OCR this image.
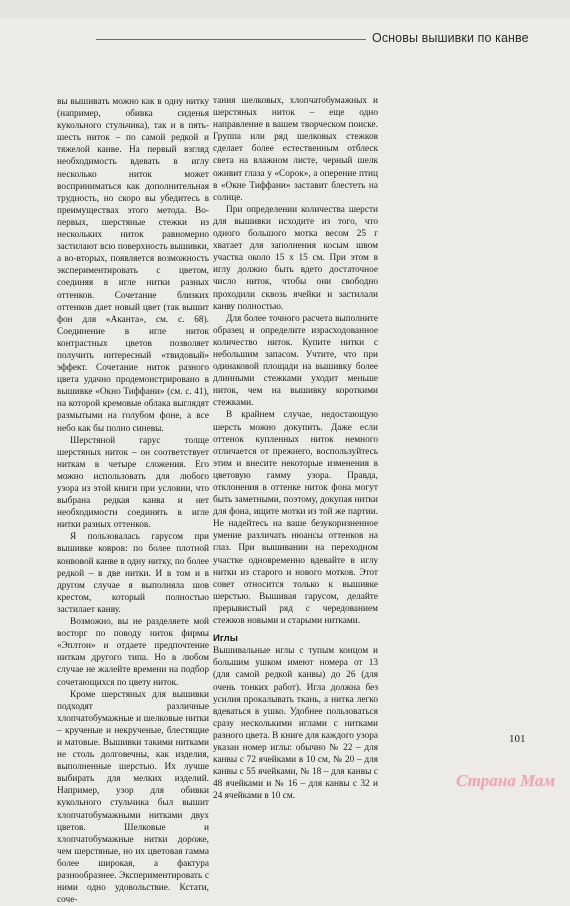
Основы вышивки по канве

вы вышивать можно как в одну нитку (например, обивка сиденья кукольного стульчика), так и в пять-шесть ниток – по самой редкой и тяжелой канве. На первый взгляд необходимость вдевать в иглу несколько ниток может восприниматься как дополнительная трудность, но скоро вы убедитесь в преимуществах этого метода. Во-первых, шерстяные стежки из нескольких ниток равномерно застилают всю поверхность вышивки, а во-вторых, появляется возможность экспериментировать с цветом, соединяя в игле нитки разных оттенков. Сочетание близких оттенков дает новый цвет (так вышит фон для «Аканта», см. с. 68). Соединение в игле ниток контрастных цветов позволяет получить интересный «твидовый» эффект. Сочетание ниток разного цвета удачно продемонстрировано в вышивке «Окно Тиффани» (см. с. 41), на которой кремовые облака выглядят размытыми на голубом фоне, а все небо как бы полно синевы.

Шерстяной гарус толще шерстяных ниток – он соответствует ниткам в четыре сложения. Его можно использовать для любого узора из этой книги при условии, что выбрана редкая канва и нет необходимости соединять в игле нитки разных оттенков.

Я пользовалась гарусом при вышивке ковров: по более плотной конвовой канве в одну нитку, по более редкой – в две нитки. И в том и в другом случае я выполняла шов крестом, который полностью застилает канву.

Возможно, вы не разделяете мой восторг по поводу ниток фирмы «Эплтон» и отдаете предпочтение ниткам другого типа. Но в любом случае не жалейте времени на подбор сочетающихся по цвету ниток.

Кроме шерстяных для вышивки подходят различные хлопчатобумажные и шелковые нитки – крученые и некрученые, блестящие и матовые. Вышивки такими нитками не столь долговечны, как изделия, выполненные шерстью. Их лучше выбирать для мелких изделий. Например, узор для обивки кукольного стульчика был вышит хлопчатобумажными нитками двух цветов. Шелковые и хлопчатобумажные нитки дороже, чем шерстяные, но их цветовая гамма более широкая, а фактура разнообразнее. Экспериментировать с ними одно удовольствие. Кстати, соче-

тания шелковых, хлопчатобумажных и шерстяных ниток – еще одно направление в вашем творческом поиске. Группа или ряд шелковых стежков сделает более естественным отблеск света на влажном листе, черный шелк оживит глаза у «Сорок», а оперение птиц в «Окне Тиффани» заставит блестеть на солнце.

При определении количества шерсти для вышивки исходите из того, что одного большого мотка весом 25 г хватает для заполнения косым швом участка около 15 х 15 см. При этом в иглу должно быть вдето достаточное число ниток, чтобы они свободно проходили сквозь ячейки и застилали канву полностью.

Для более точного расчета выполните образец и определите израсходованное количество ниток. Купите нитки с небольшим запасом. Учтите, что при одинаковой площади на вышивку более длинными стежками уходит меньше ниток, чем на вышивку короткими стежками.

В крайнем случае, недостающую шерсть можно докупить. Даже если оттенок купленных ниток немного отличается от прежнего, воспользуйтесь этим и внесите некоторые изменения в цветовую гамму узора. Правда, отклонения в оттенке ниток фона могут быть заметными, поэтому, докупая нитки для фона, ищите мотки из той же партии. Не надейтесь на ваше безукоризненное умение различать нюансы оттенков на глаз. При вышивании на переходном участке одновременно вдевайте в иглу нитки из старого и нового мотков. Этот совет относится только к вышивке шерстью. Вышивая гарусом, делайте прерывистый ряд с чередованием стежков новыми и старыми нитками.

Иглы

Вышивальные иглы с тупым концом и большим ушком имеют номера от 13 (для самой редкой канвы) до 26 (для очень тонких работ). Игла должна без усилия прокалывать ткань, а нитка легко вдеваться в ушко. Удобнее пользоваться сразу несколькими иглами с нитками разного цвета. В книге для каждого узора указан номер иглы: обычно № 22 – для канвы с 72 ячейками в 10 см, № 20 – для канвы с 55 ячейками, № 18 – для канвы с 48 ячейками и № 16 – для канвы с 32 и 24 ячейками в 10 см.

101
Страна Мам
